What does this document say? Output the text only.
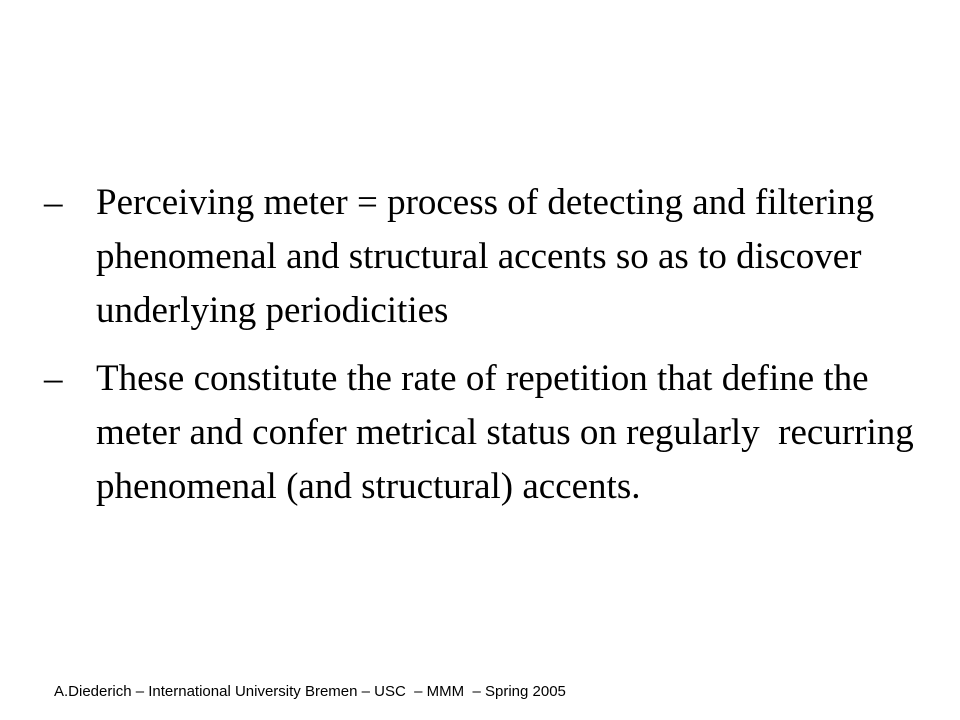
– Perceiving meter = process of detecting and filtering phenomenal and structural accents so as to discover underlying periodicities
– These constitute the rate of repetition that define the meter and confer metrical status on regularly  recurring phenomenal (and structural) accents.
A.Diederich – International University Bremen – USC  – MMM  – Spring 2005
